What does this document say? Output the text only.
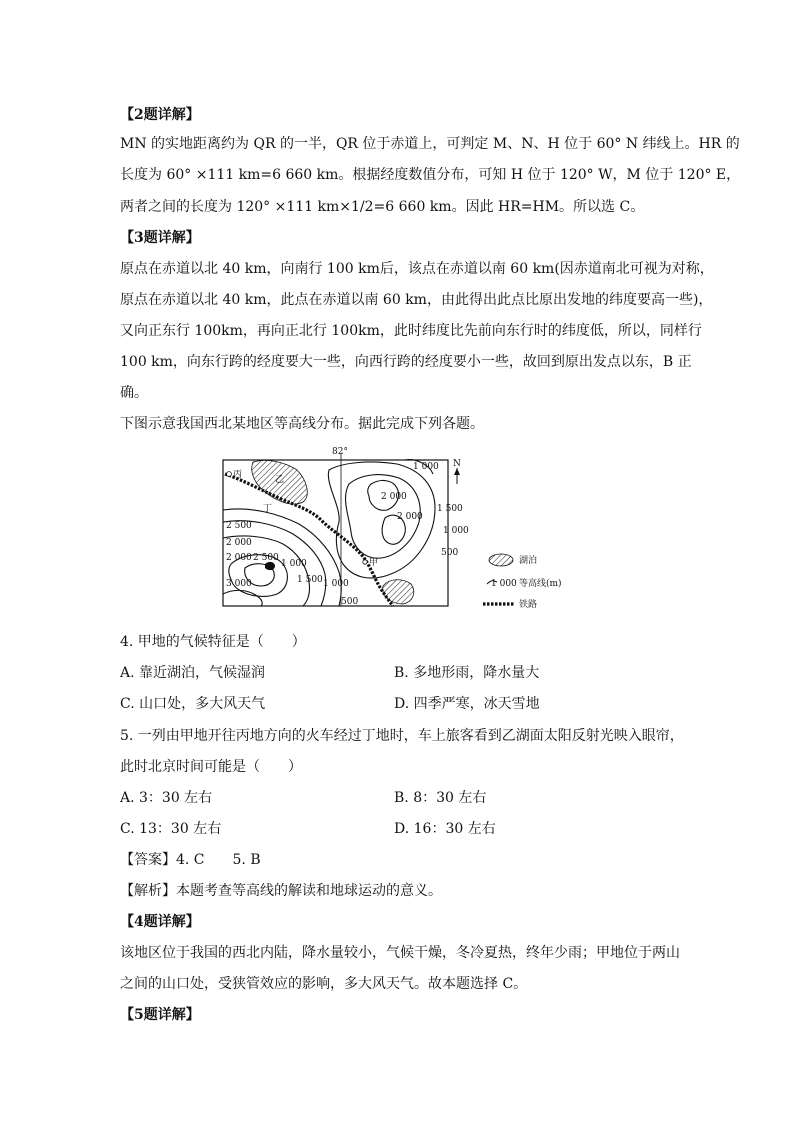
【2题详解】
MN 的实地距离约为 QR 的一半，QR 位于赤道上，可判定 M、N、H 位于 60° N 纬线上。HR 的
长度为 60° ×111 km=6 660 km。根据经度数值分布，可知 H 位于 120° W，M 位于 120° E，
两者之间的长度为 120° ×111 km×1/2=6 660 km。因此 HR=HM。所以选 C。
【3题详解】
原点在赤道以北 40 km，向南行 100 km后，该点在赤道以南 60 km(因赤道南北可视为对称，
原点在赤道以北 40 km，此点在赤道以南 60 km，由此得出此点比原出发地的纬度要高一些)，
又向正东行 100km，再向正北行 100km，此时纬度比先前向东行时的纬度低，所以，同样行
100 km，向东行跨的经度要大一些，向西行跨的经度要小一些，故回到原出发点以东，B 正
确。
下图示意我国西北某地区等高线分布。据此完成下列各题。
82°
丙	乙
丁
甲
1 000
2 000
2 000
1 500
1 000
500
2 500
2 000
2 000 2 500
1 000
3 000	1 500 1 000
500
N
湖泊
1 000 等高线(m)
铁路
4. 甲地的气候特征是（　　）
A. 靠近湖泊，气候湿润	B. 多地形雨，降水量大
C. 山口处，多大风天气	D. 四季严寒，冰天雪地
5. 一列由甲地开往丙地方向的火车经过丁地时，车上旅客看到乙湖面太阳反射光映入眼帘，
此时北京时间可能是（　　）
A. 3：30 左右	B. 8：30 左右
C. 13：30 左右	D. 16：30 左右
【答案】4. C　　5. B
【解析】本题考查等高线的解读和地球运动的意义。
【4题详解】
该地区位于我国的西北内陆，降水量较小，气候干燥，冬冷夏热，终年少雨；甲地位于两山
之间的山口处，受狭管效应的影响，多大风天气。故本题选择 C。
【5题详解】
